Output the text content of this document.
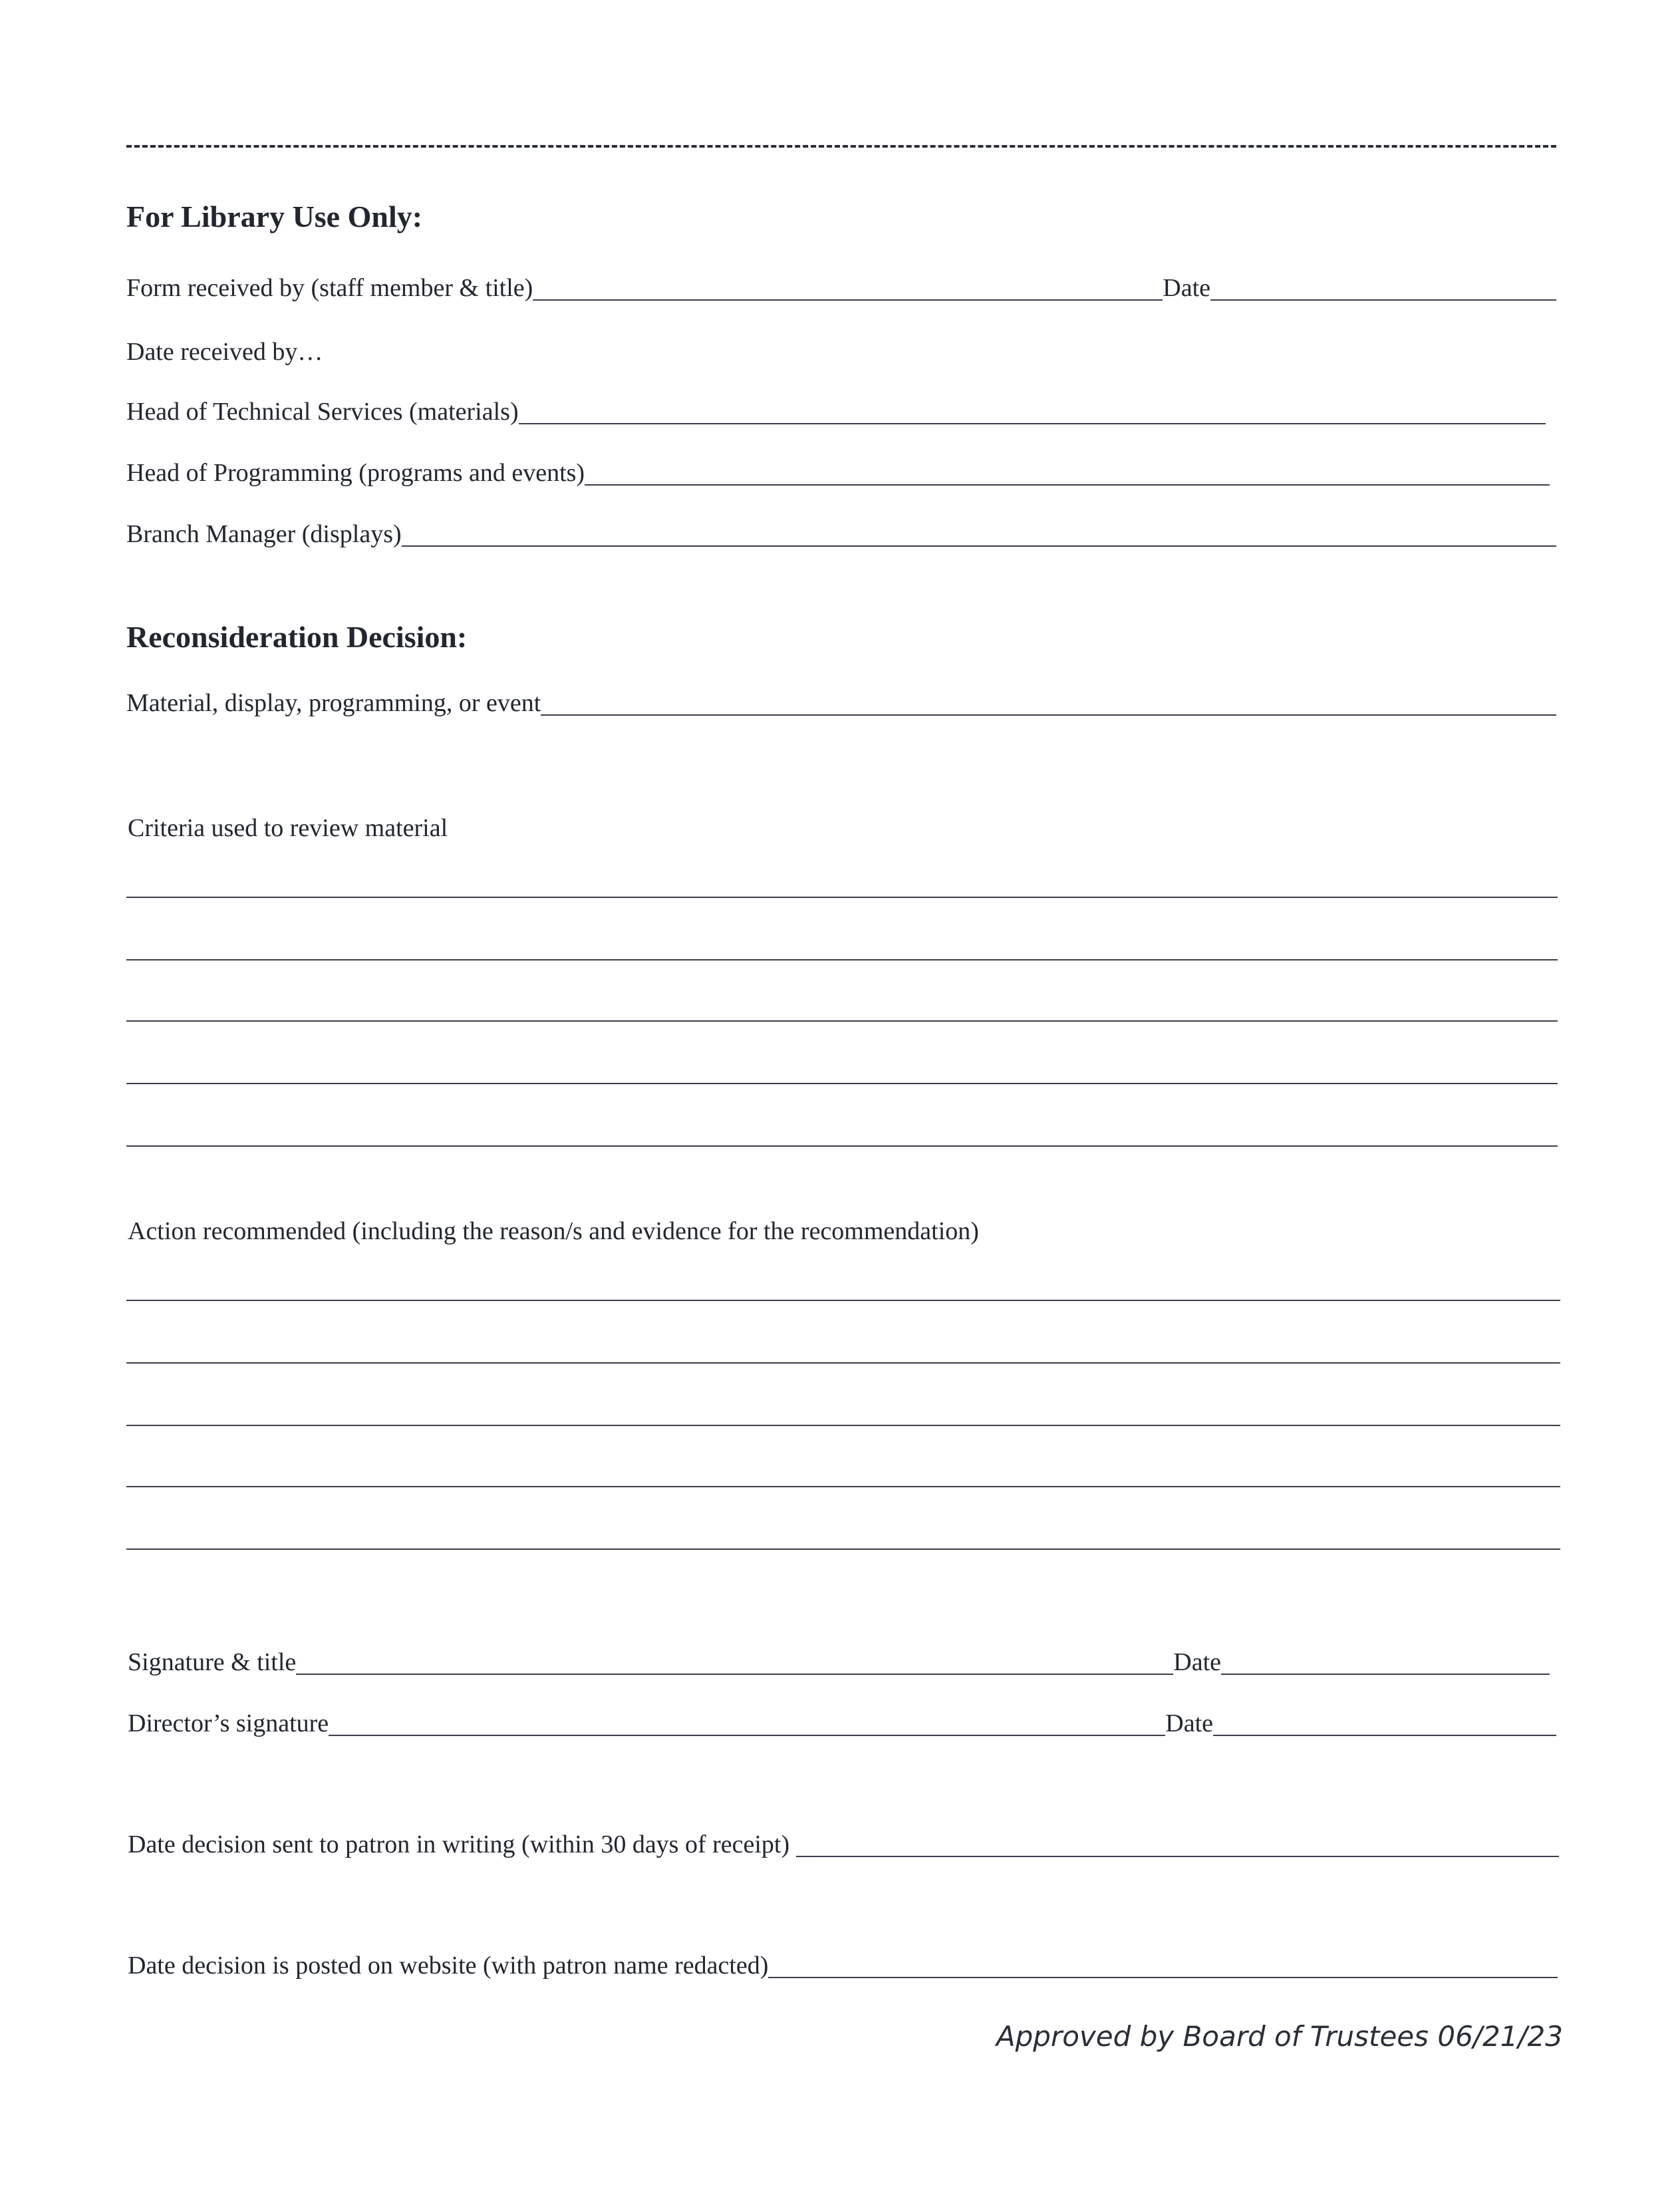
For Library Use Only:
Form received by (staff member & title)	Date
Date received by…
Head of Technical Services (materials)
Head of Programming (programs and events)
Branch Manager (displays)
Reconsideration Decision:
Material, display, programming, or event
Criteria used to review material
Action recommended (including the reason/s and evidence for the recommendation)
Signature & title	Date
Director’s signature	Date
Date decision sent to patron in writing (within 30 days of receipt)
Date decision is posted on website (with patron name redacted)
Approved by Board of Trustees 06/21/23
